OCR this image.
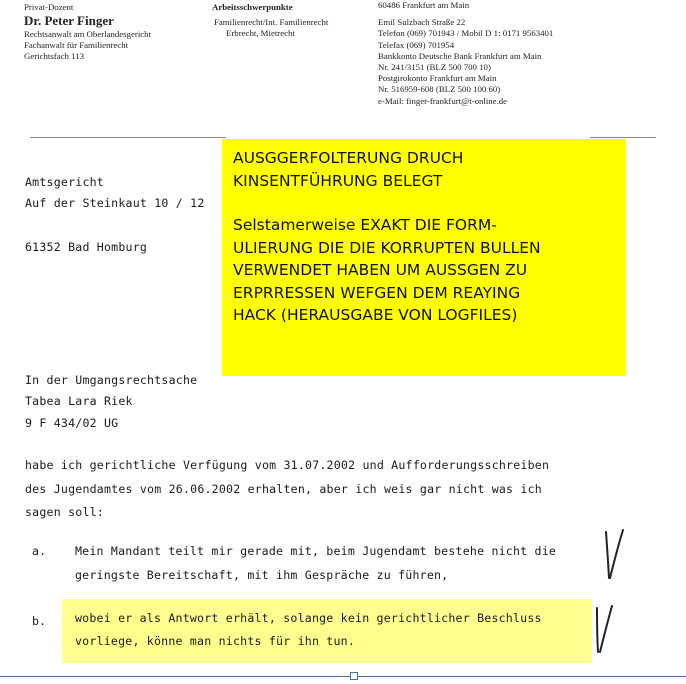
Privat-Dozent
Dr. Peter Finger
Rechtsanwalt am Oberlandesgericht
Fachanwalt für Familienrecht
Gerichtsfach 113
Arbeitsschwerpunkte
Familienrecht/Int. Familienrecht
Erbrecht, Mietrecht
60486 Frankfurt am Main
Emil Sulzbach Straße 22
Telefon (069) 701943 / Mobil D 1: 0171 9563401
Telefax (069) 701954
Bankkonto Deutsche Bank Frankfurt am Main
Nr. 241/3151 (BLZ 500 700 10)
Postgirokonto Frankfurt am Main
Nr. 516959-608 (BLZ 500 100 60)
e-Mail: finger-frankfurt@t-online.de
Amtsgericht
Auf der Steinkaut 10 / 12
61352 Bad Homburg
In der Umgangsrechtsache
Tabea Lara Riek
9 F 434/02 UG
habe ich gerichtliche Verfügung vom 31.07.2002 und Aufforderungsschreiben
des Jugendamtes vom 26.06.2002 erhalten, aber ich weis gar nicht was ich
sagen soll:
a. Mein Mandant teilt mir gerade mit, beim Jugendamt bestehe nicht die
geringste Bereitschaft, mit ihm Gespräche zu führen,
b. wobei er als Antwort erhält, solange kein gerichtlicher Beschluss
vorliege, könne man nichts für ihn tun.
AUSGGERFOLTERUNG DRUCH
KINSENTFÜHRUNG BELEGT
Selstamerweise EXAKT DIE FORM-
ULIERUNG DIE DIE KORRUPTEN BULLEN
VERWENDET HABEN UM AUSSGEN ZU
ERPRRESSEN WEFGEN DEM REAYING
HACK (HERAUSGABE VON LOGFILES)
